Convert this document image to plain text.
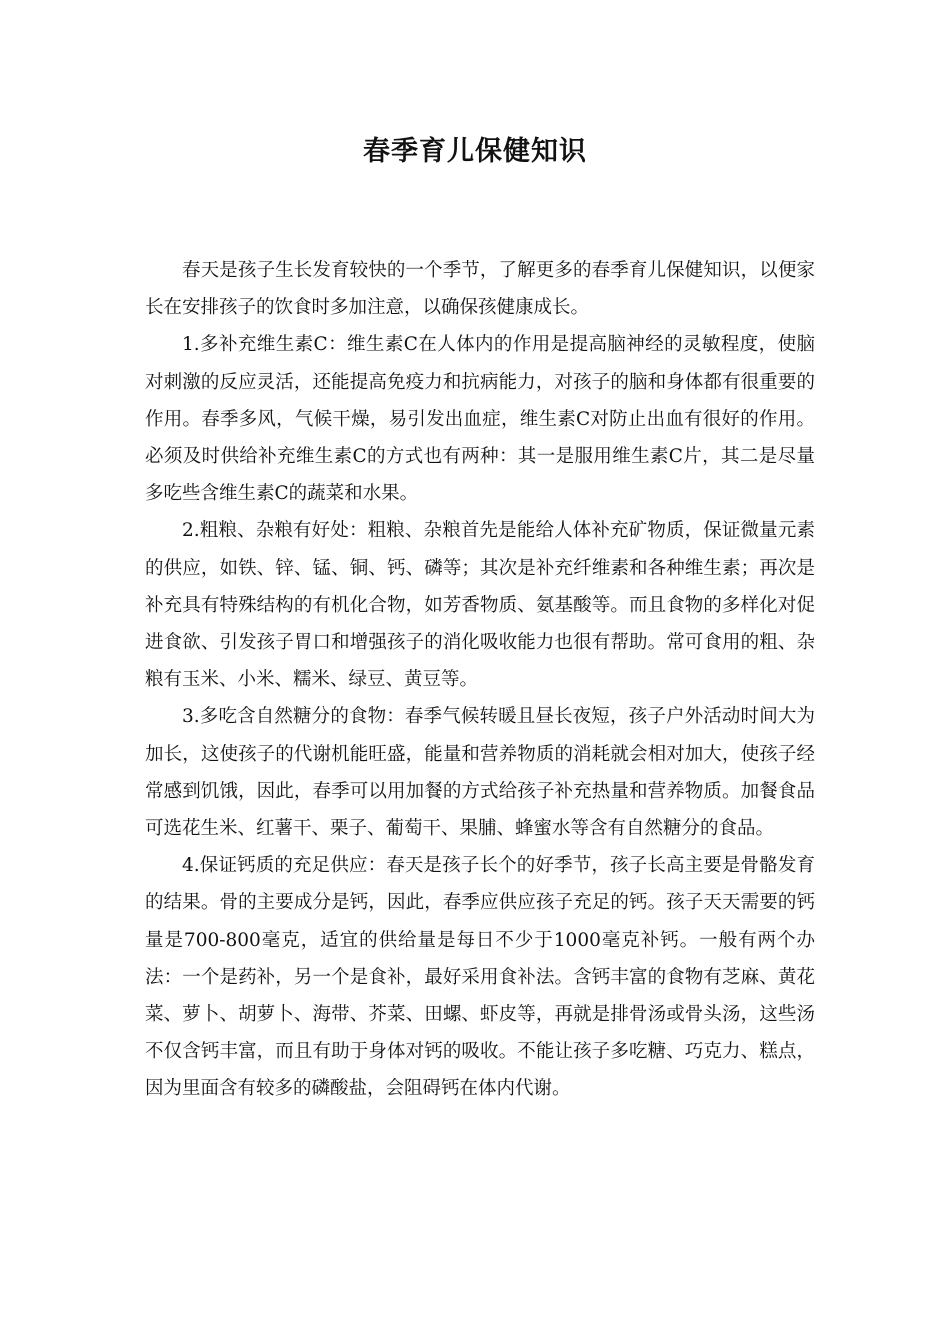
春季育儿保健知识

春天是孩子生长发育较快的一个季节，了解更多的春季育儿保健知识，以便家长在安排孩子的饮食时多加注意，以确保孩健康成长。

1.多补充维生素C：维生素C在人体内的作用是提高脑神经的灵敏程度，使脑对刺激的反应灵活，还能提高免疫力和抗病能力，对孩子的脑和身体都有很重要的作用。春季多风，气候干燥，易引发出血症，维生素C对防止出血有很好的作用。必须及时供给补充维生素C的方式也有两种：其一是服用维生素C片，其二是尽量多吃些含维生素C的蔬菜和水果。

2.粗粮、杂粮有好处：粗粮、杂粮首先是能给人体补充矿物质，保证微量元素的供应，如铁、锌、锰、铜、钙、磷等；其次是补充纤维素和各种维生素；再次是补充具有特殊结构的有机化合物，如芳香物质、氨基酸等。而且食物的多样化对促进食欲、引发孩子胃口和增强孩子的消化吸收能力也很有帮助。常可食用的粗、杂粮有玉米、小米、糯米、绿豆、黄豆等。

3.多吃含自然糖分的食物：春季气候转暖且昼长夜短，孩子户外活动时间大为加长，这使孩子的代谢机能旺盛，能量和营养物质的消耗就会相对加大，使孩子经常感到饥饿，因此，春季可以用加餐的方式给孩子补充热量和营养物质。加餐食品可选花生米、红薯干、栗子、葡萄干、果脯、蜂蜜水等含有自然糖分的食品。

4.保证钙质的充足供应：春天是孩子长个的好季节，孩子长高主要是骨骼发育的结果。骨的主要成分是钙，因此，春季应供应孩子充足的钙。孩子天天需要的钙量是700-800毫克，适宜的供给量是每日不少于1000毫克补钙。一般有两个办法：一个是药补，另一个是食补，最好采用食补法。含钙丰富的食物有芝麻、黄花菜、萝卜、胡萝卜、海带、芥菜、田螺、虾皮等，再就是排骨汤或骨头汤，这些汤不仅含钙丰富，而且有助于身体对钙的吸收。不能让孩子多吃糖、巧克力、糕点，因为里面含有较多的磷酸盐，会阻碍钙在体内代谢。
